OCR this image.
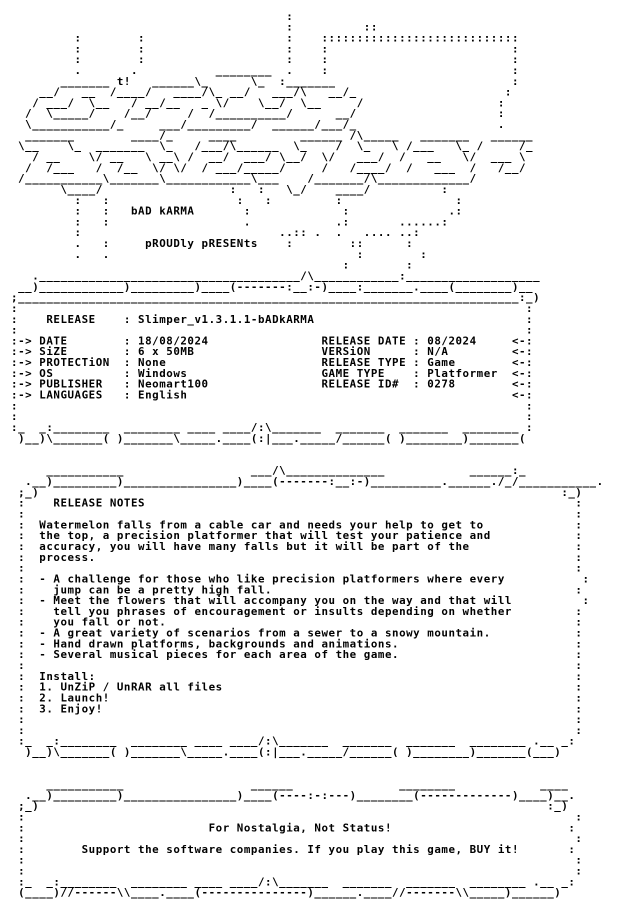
:
:          ::
:        :                    :    ::::::::::::::::::::::::::::
:        :                    :    :                          :
:        :                    :    :                          :
.       .           ________  .    :                          :
_______ t!   ______\_      \_  :_______                         :
__/   __  /____/   ____/\_ __/   ___/\   __/_                     :
/ ___/  \__   / __/__   _ \/    \__/  \__     /                   :
/  \_____/    /__/     /  /__________/      __/                    :
\___________/_     ___/_________/  ______/___/_                    .
_______        ____/_     ____         ______ /\_____   _______   ______
\__    \_  _______  \_   /___/\______  \_    /  \_   \ /___   \_ /     /_
/ __    \/ __   \ __\ /  __/  ___/ \__/  \/   ___/  /   __   \/  ___ \
/  /___   /  /__  \/ \/  / ___/_____/     /   /____/  /   ___  /   /__/
/___________\_______\____________\___    /_______/\_____________/
\____/                  :   :   \_/    ____/          :
:   :                  :   :         :                :
:   :   bAD kARMA       :             :              .:
:   :                   .            .:       ......:
:                            ..:: .  .   .... ..:
.   :     pROUDly pRESENts    :        ::      :
.   .                                   :        :
:        :
._____________________________________/\____________:___________________
__)____________)_________)____(-------:__:-)____:_______.____(________)__
;_______________________________________________________________________:_)
:                                                                        :
:    RELEASE    : Slimper_v1.3.1.1-bADkARMA                              :
:                                                                        :
:-> DATE        : 18/08/2024                RELEASE DATE : 08/2024     <-:
:-> SiZE        : 6 x 50MB                  VERSiON      : N/A         <-:
:-> PROTECTiON  : None                      RELEASE TYPE : Game        <-:
:-> OS          : Windows                   GAME TYPE    : Platformer  <-:
:-> PUBLISHER   : Neomart100                RELEASE ID#  : 0278        <-:
:-> LANGUAGES   : English                                              <-:
:                                                                        :
:                                                                        :
:_  _:________  ________ ____ ____/:\_______  _______  _______  ________ :
)__)\_______( )_______\_____.____(:|___._____/______( )________)_______(
___________                  ___/\______________            ______:_
.__)_________)________________)____(-------:__:-)__________.______./_/___________.
;_)                                                                          :_)
:    RELEASE NOTES                                                             :
:                                                                              :
:  Watermelon falls from a cable car and needs your help to get to             :
:  the top, a precision platformer that will test your patience and            :
:  accuracy, you will have many falls but it will be part of the               :
:  process.                                                                    :
:                                                                              :
:  - A challenge for those who like precision platformers where every           :
:    jump can be a pretty high fall.                                           :
:  - Meet the flowers that will accompany you on the way and that will          :
:    tell you phrases of encouragement or insults depending on whether         :
:    you fall or not.                                                          :
:  - A great variety of scenarios from a sewer to a snowy mountain.            :
:  - Hand drawn platforms, backgrounds and animations.                         :
:  - Several musical pieces for each area of the game.                         :
:                                                                              :
:  Install:                                                                    :
:  1. UnZiP / UnRAR all files                                                  :
:  2. Launch!                                                                  :
:  3. Enjoy!                                                                   :
:                                                                              :
:                                                                              :
:_  _:________  ________ ____ ____/:\_______  _______  _______  ________ .__ _:
)__)\_______( )_______\_____.____(:|___._____/______( )________)_______(___)
___________                  ______               ________            ____
.__)_________)________________)____(----:-:---)________(-------------)____)__.
;_)                                                                        :_)
:                                                                              :
:                          For Nostalgia, Not Status!                         :
:                                                                              :
:        Support the software companies. If you play this game, BUY it!       :
:                                                                              :
:                                                                              :
:_  _:________  ________ ____ ____/:\_______  _______  _______  ________ .__ _:
(____)//------\\____.____(---------------)______.____//-------\\_____)______)
